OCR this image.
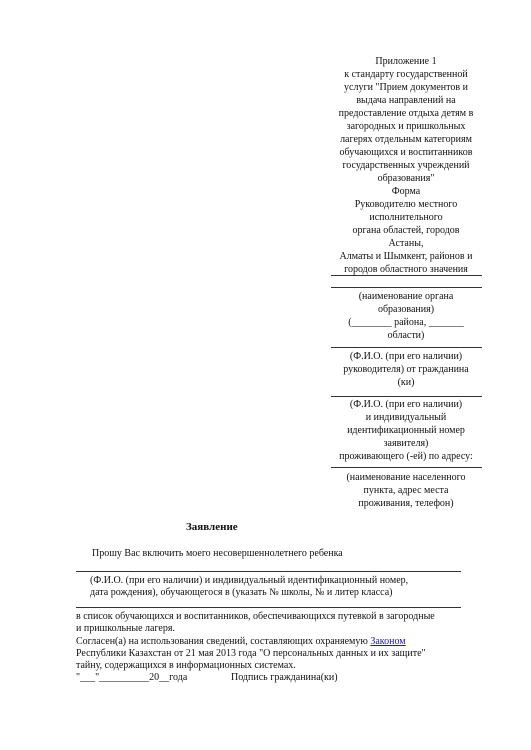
Приложение 1
к стандарту государственной
услуги "Прием документов и
выдача направлений на
предоставление отдыха детям в
загородных и пришкольных
лагерях отдельным категориям
обучающихся и воспитанников
государственных учреждений
образования"
Форма
Руководителю местного
исполнительного
органа областей, городов
Астаны,
Алматы и Шымкент, районов и
городов областного значения
(наименование органа
образования)
(________ района, _______
области)
(Ф.И.О. (при его наличии)
руководителя) от гражданина
(ки)
(Ф.И.О. (при его наличии)
и индивидуальный
идентификационный номер
заявителя)
проживающего (-ей) по адресу:
(наименование населенного
пункта, адрес места
проживания, телефон)
Заявление
Прошу Вас включить моего несовершеннолетнего ребенка
(Ф.И.О. (при его наличии) и индивидуальный идентификационный номер,
дата рождения), обучающегося в (указать № школы, № и литер класса)
в список обучающихся и воспитанников, обеспечивающихся путевкой в загородные
и пришкольные лагеря.
Согласен(а) на использования сведений, составляющих охраняемую Законом
Республики Казахстан от 21 мая 2013 года "О персональных данных и их защите"
тайну, содержащихся в информационных системах.
"___"__________20__года	Подпись гражданина(ки)
